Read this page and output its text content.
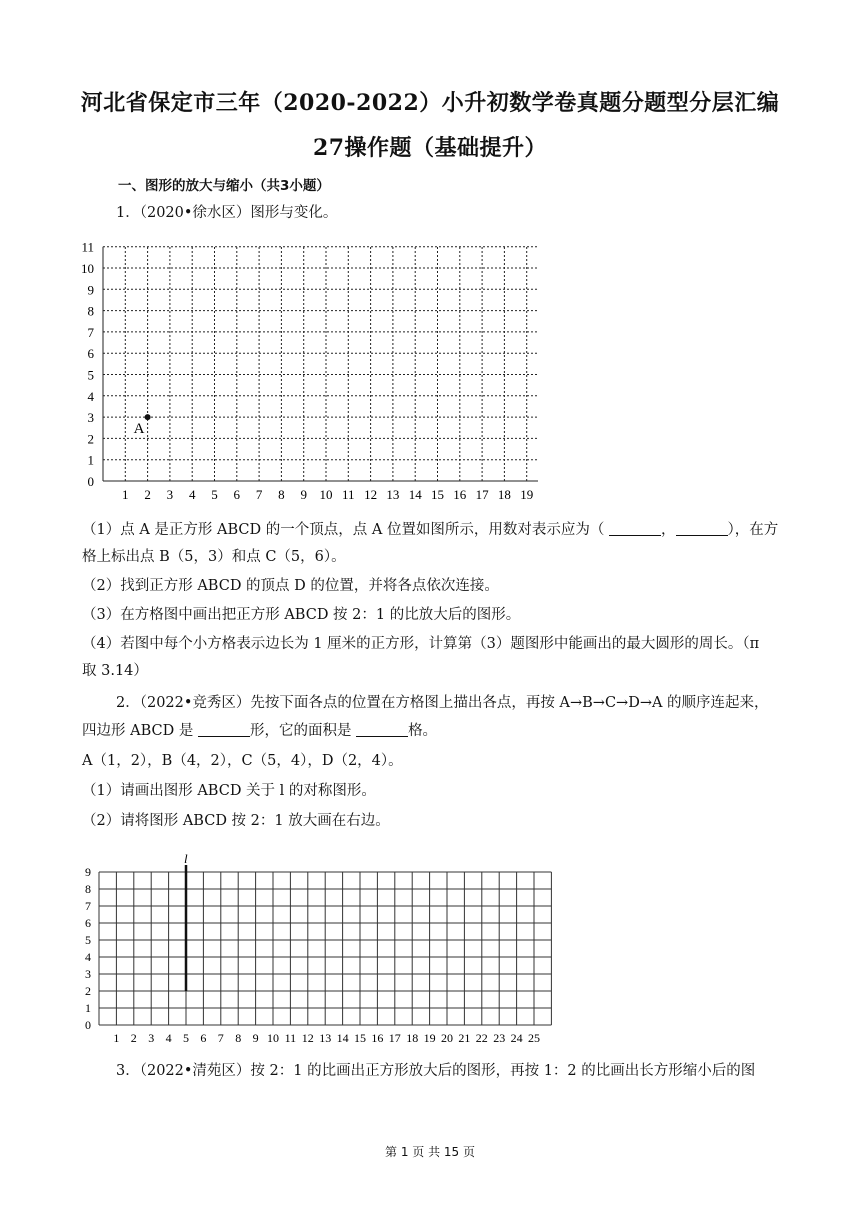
河北省保定市三年（2020-2022）小升初数学卷真题分题型分层汇编
27操作题（基础提升）
一、图形的放大与缩小（共3小题）
1．（2020•徐水区）图形与变化。
1 2 3 4 5 6 7 8 9 10 11 12 13 14 15 16 17 18 19
0
1
2
3
4
5
6
7
8
9
10
11
A
（1）点 A 是正方形 ABCD 的一个顶点，点 A 位置如图所示，用数对表示应为（	，	），在方
格上标出点 B（5，3）和点 C（5，6）。
（2）找到正方形 ABCD 的顶点 D 的位置，并将各点依次连接。
（3）在方格图中画出把正方形 ABCD 按 2：1 的比放大后的图形。
（4）若图中每个小方格表示边长为 1 厘米的正方形，计算第（3）题图形中能画出的最大圆形的周长。（π
取 3.14）
2．（2022•竞秀区）先按下面各点的位置在方格图上描出各点，再按 A→B→C→D→A 的顺序连起来，
四边形 ABCD 是	形，它的面积是	格。
A（1，2），B（4，2），C（5，4），D（2，4）。
（1）请画出图形 ABCD 关于 l 的对称图形。
（2）请将图形 ABCD 按 2：1 放大画在右边。
1 2 3 4 5 6 7 8 9 10 11 12 13 14 15 16 17 18 19 20 21 22 23 24 25
0
1
2
3
4
5
6
7
8
9
l
3．（2022•清苑区）按 2：1 的比画出正方形放大后的图形，再按 1：2 的比画出长方形缩小后的图
第 1 页 共 15 页
